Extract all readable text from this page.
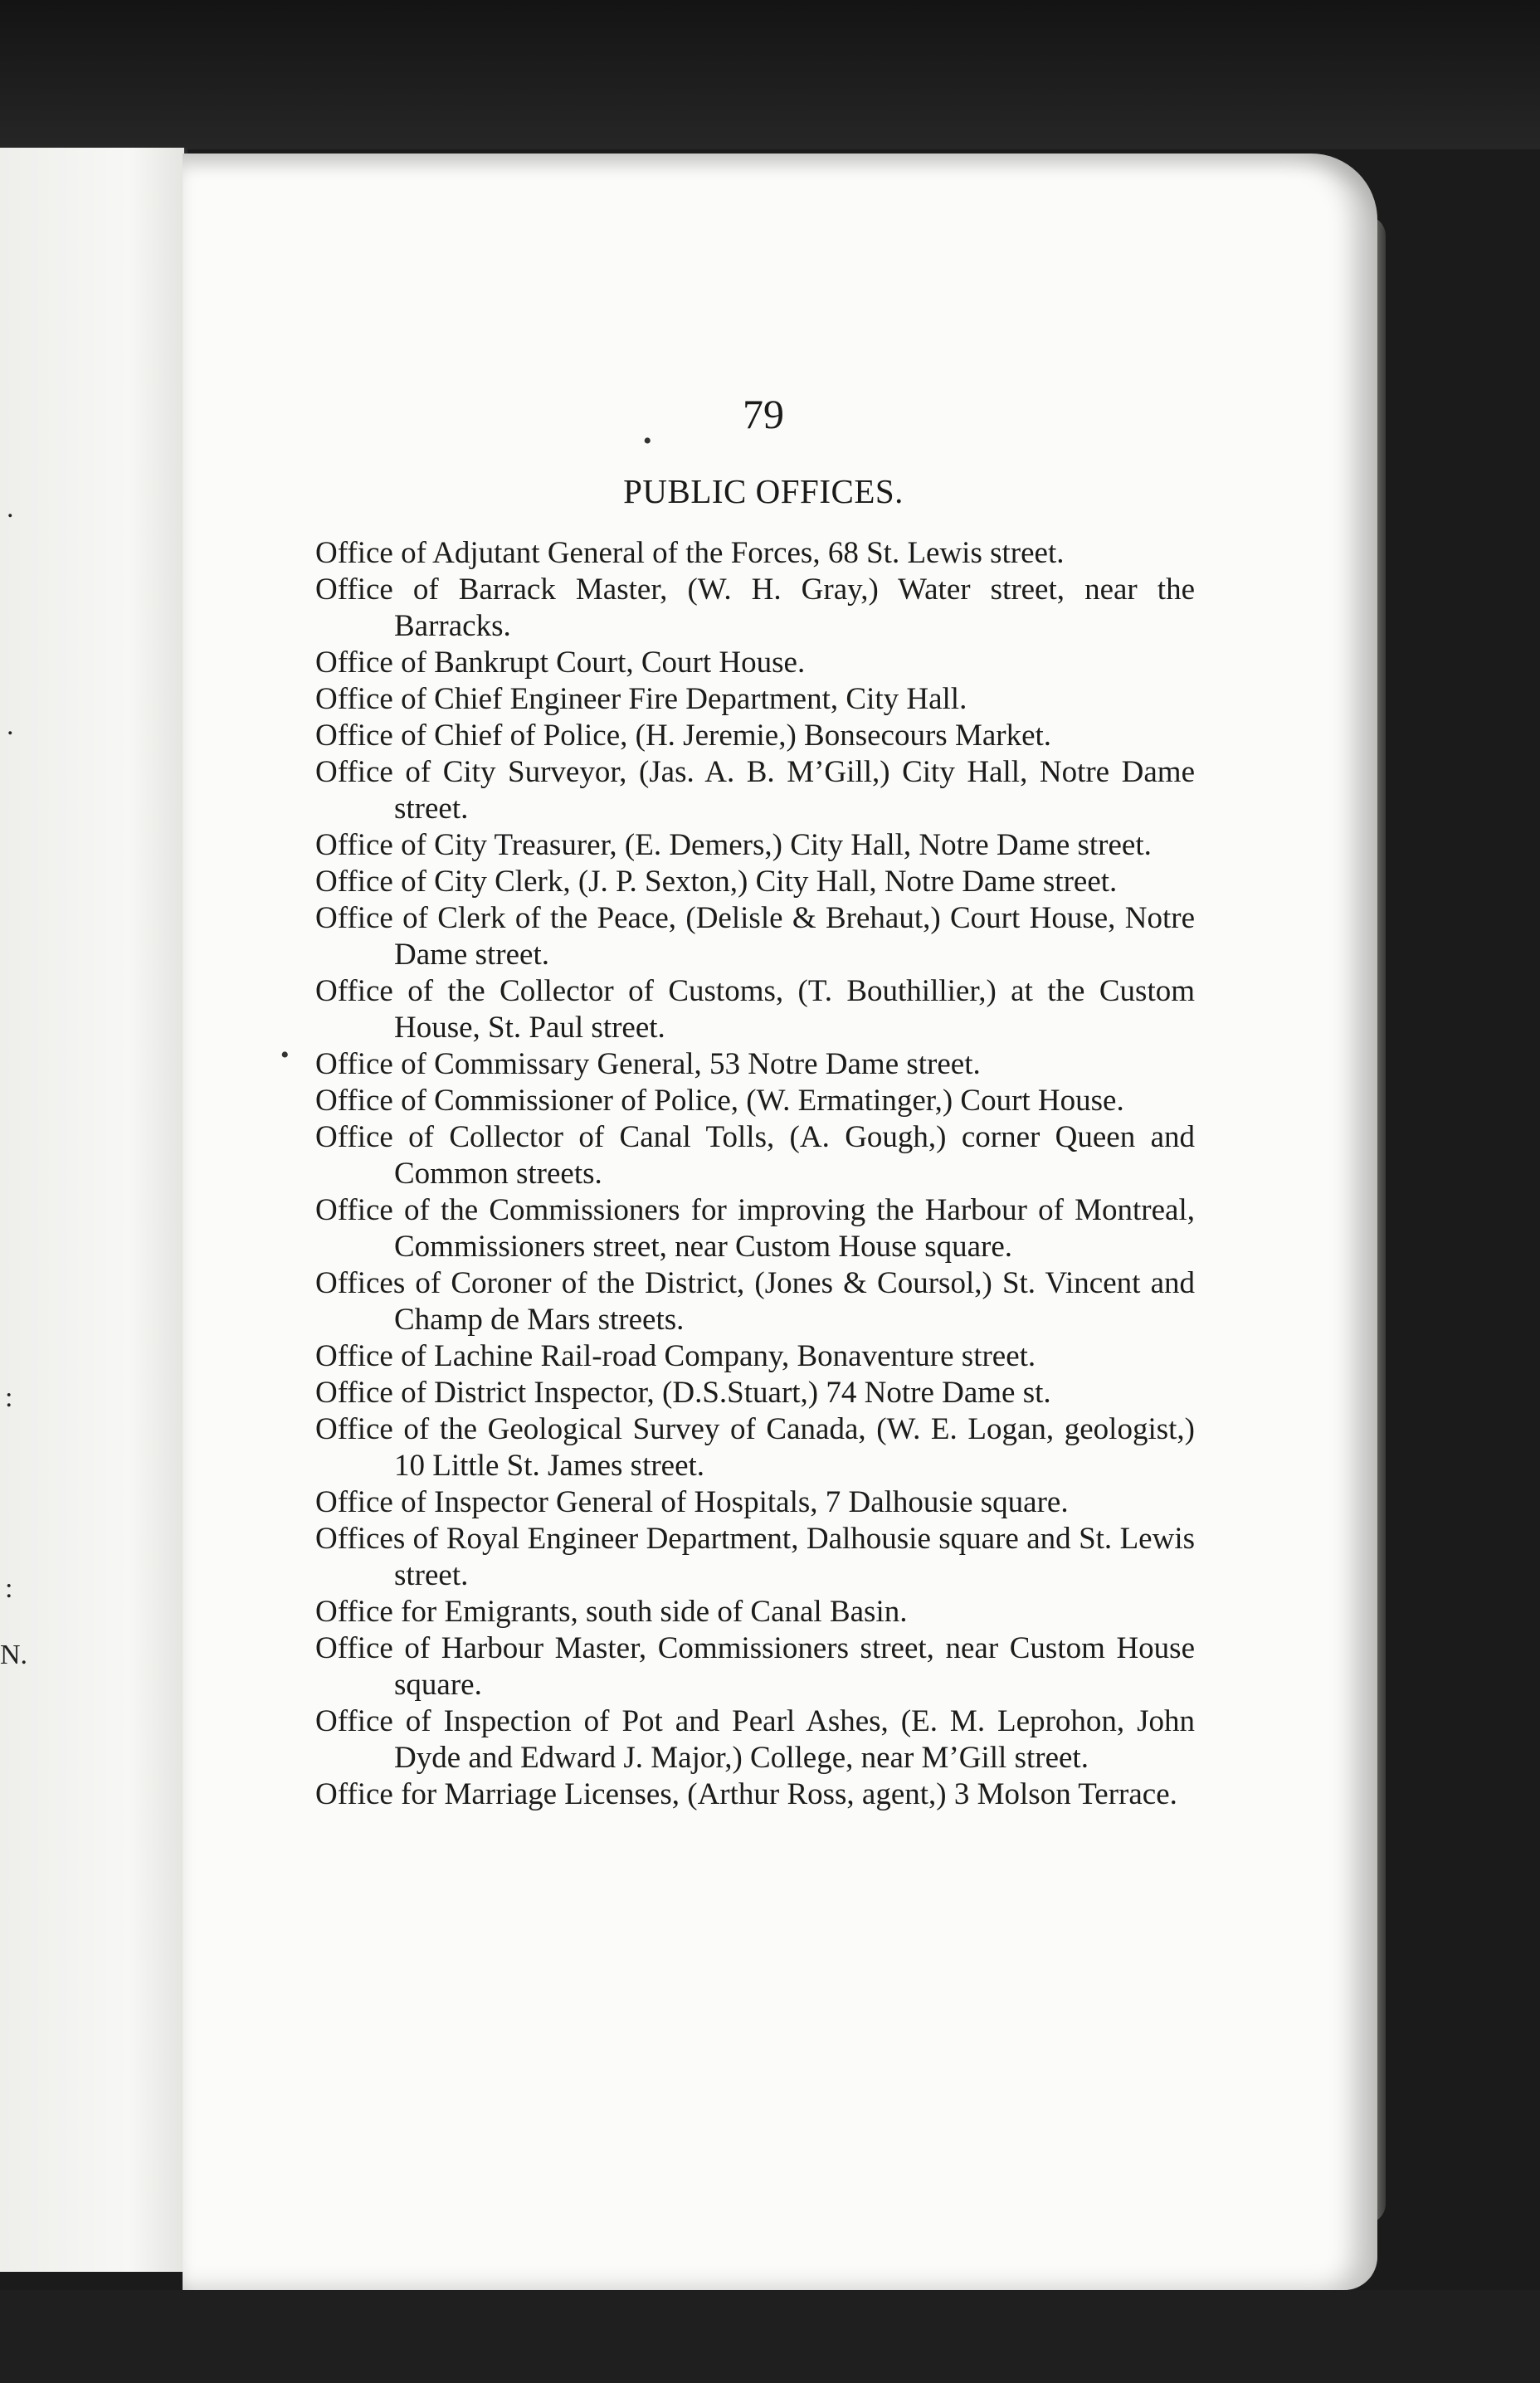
.
.
:
:
N.
•
•
79
PUBLIC OFFICES.

Office of Adjutant General of the Forces, 68 St. Lewis street.

Office of Barrack Master, (W. H. Gray,) Water street, near the Barracks.

Office of Bankrupt Court, Court House.

Office of Chief Engineer Fire Department, City Hall.

Office of Chief of Police, (H. Jeremie,) Bonsecours Market.

Office of City Surveyor, (Jas. A. B. M’Gill,) City Hall, Notre Dame street.

Office of City Treasurer, (E. Demers,) City Hall, Notre Dame street.

Office of City Clerk, (J. P. Sexton,) City Hall, Notre Dame street.

Office of Clerk of the Peace, (Delisle & Brehaut,) Court House, Notre Dame street.

Office of the Collector of Customs, (T. Bouthillier,) at the Custom House, St. Paul street.

Office of Commissary General, 53 Notre Dame street.

Office of Commissioner of Police, (W. Ermatinger,) Court House.

Office of Collector of Canal Tolls, (A. Gough,) corner Queen and Common streets.

Office of the Commissioners for improving the Harbour of Montreal, Commissioners street, near Custom House square.

Offices of Coroner of the District, (Jones & Coursol,) St. Vincent and Champ de Mars streets.

Office of Lachine Rail-road Company, Bonaventure street.

Office of District Inspector, (D.S.Stuart,) 74 Notre Dame st.

Office of the Geological Survey of Canada, (W. E. Logan, geologist,) 10 Little St. James street.

Office of Inspector General of Hospitals, 7 Dalhousie square.

Offices of Royal Engineer Department, Dalhousie square and St. Lewis street.

Office for Emigrants, south side of Canal Basin.

Office of Harbour Master, Commissioners street, near Custom House square.

Office of Inspection of Pot and Pearl Ashes, (E. M. Leprohon, John Dyde and Edward J. Major,) College, near M’Gill street.

Office for Marriage Licenses, (Arthur Ross, agent,) 3 Molson Terrace.
